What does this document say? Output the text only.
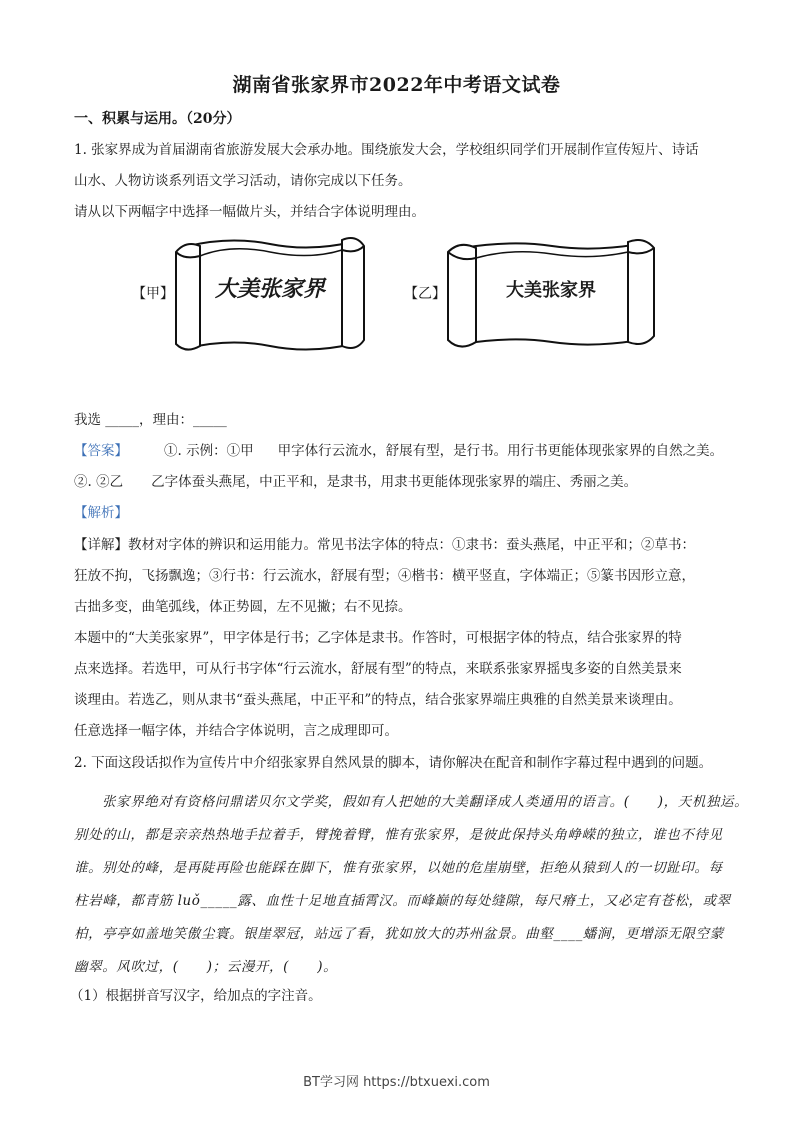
湖南省张家界市2022年中考语文试卷
一、积累与运用。（20分）
1. 张家界成为首届湖南省旅游发展大会承办地。围绕旅发大会，学校组织同学们开展制作宣传短片、诗话
山水、人物访谈系列语文学习活动，请你完成以下任务。
请从以下两幅字中选择一幅做片头，并结合字体说明理由。
【甲】	大美张家界	【乙】	大美张家界
我选 _____，理由：_____
【答案】	①. 示例：①甲 甲字体行云流水，舒展有型，是行书。用行书更能体现张家界的自然之美。
②. ②乙 乙字体蚕头燕尾，中正平和，是隶书，用隶书更能体现张家界的端庄、秀丽之美。
【解析】
【详解】教材对字体的辨识和运用能力。常见书法字体的特点：①隶书：蚕头燕尾，中正平和；②草书：
狂放不拘，飞扬飘逸；③行书：行云流水，舒展有型；④楷书：横平竖直，字体端正；⑤篆书因形立意，
古拙多变，曲笔弧线，体正势圆，左不见撇；右不见捺。
本题中的“大美张家界”，甲字体是行书；乙字体是隶书。作答时，可根据字体的特点，结合张家界的特
点来选择。若选甲，可从行书字体“行云流水，舒展有型”的特点，来联系张家界摇曳多姿的自然美景来
谈理由。若选乙，则从隶书“蚕头燕尾，中正平和”的特点，结合张家界端庄典雅的自然美景来谈理由。
任意选择一幅字体，并结合字体说明，言之成理即可。
2. 下面这段话拟作为宣传片中介绍张家界自然风景的脚本，请你解决在配音和制作字幕过程中遇到的问题。
张家界绝对有资格问鼎诺贝尔文学奖，假如有人把她的大美翻译成人类通用的语言。(　　)，天机独运。
别处的山，都是亲亲热热地手拉着手，臂挽着臂，惟有张家界，是彼此保持头角峥嵘的独立，谁也不待见
谁。别处的峰，是再陡再险也能踩在脚下，惟有张家界，以她的危崖崩壁，拒绝从猿到人的一切趾印。每
柱岩峰，都青筋 luǒ_____露、血性十足地直插霄汉。而峰巅的每处缝隙，每尺瘠土，又必定有苍松，或翠
柏，亭亭如盖地笑傲尘寰。银崖翠冠，站远了看，犹如放大的苏州盆景。曲壑____蟠涧，更增添无限空蒙
幽翠。风吹过，(　　)；云漫开，(　　)。
（1）根据拼音写汉字，给加点的字注音。
BT学习网 https://btxuexi.com
